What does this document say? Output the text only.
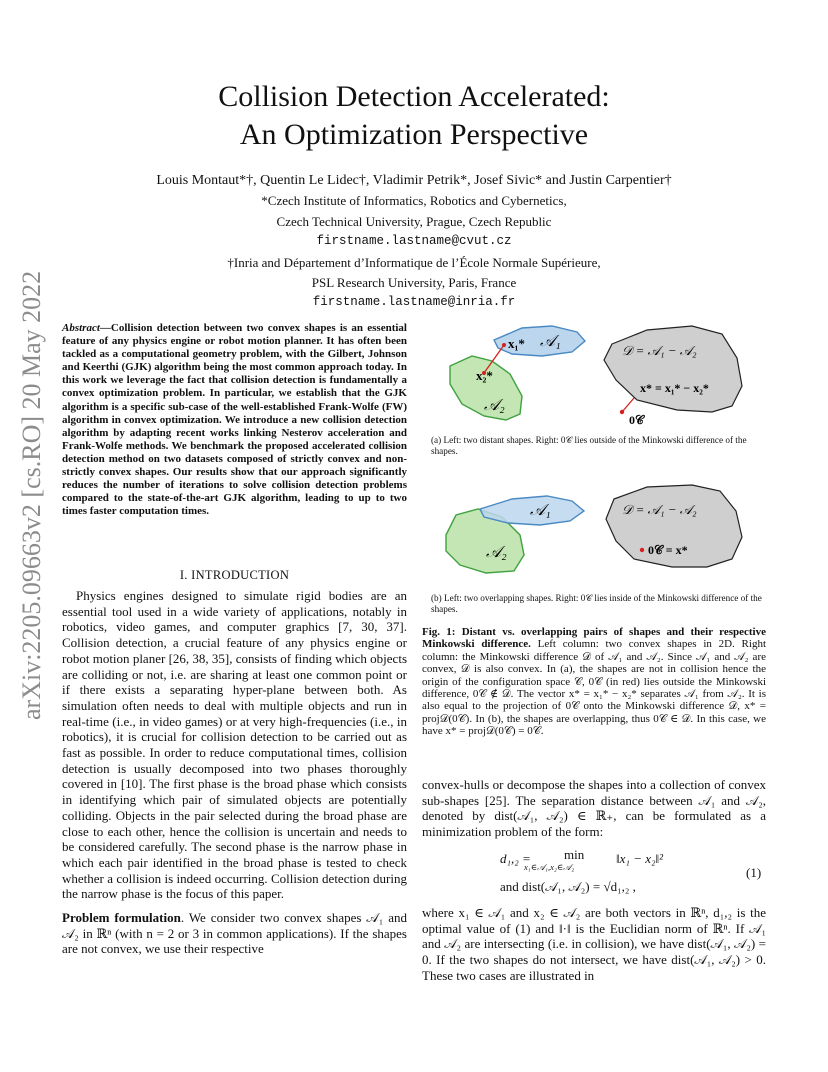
arXiv:2205.09663v2 [cs.RO] 20 May 2022
Collision Detection Accelerated:
An Optimization Perspective
Louis Montaut*†, Quentin Le Lidec†, Vladimir Petrik*, Josef Sivic* and Justin Carpentier†
*Czech Institute of Informatics, Robotics and Cybernetics,
Czech Technical University, Prague, Czech Republic
firstname.lastname@cvut.cz
†Inria and Département d’Informatique de l’École Normale Supérieure,
PSL Research University, Paris, France
firstname.lastname@inria.fr
Abstract—Collision detection between two convex shapes is an essential feature of any physics engine or robot motion planner. It has often been tackled as a computational geometry problem, with the Gilbert, Johnson and Keerthi (GJK) algorithm being the most common approach today. In this work we leverage the fact that collision detection is fundamentally a convex optimization problem. In particular, we establish that the GJK algorithm is a specific sub-case of the well-established Frank-Wolfe (FW) algorithm in convex optimization. We introduce a new collision detection algorithm by adapting recent works linking Nesterov acceleration and Frank-Wolfe methods. We benchmark the proposed accelerated collision detection method on two datasets composed of strictly convex and non-strictly convex shapes. Our results show that our approach significantly reduces the number of iterations to solve collision detection problems compared to the state-of-the-art GJK algorithm, leading to up to two times faster computation times.
I. INTRODUCTION

Physics engines designed to simulate rigid bodies are an essential tool used in a wide variety of applications, notably in robotics, video games, and computer graphics [7, 30, 37]. Collision detection, a crucial feature of any physics engine or robot motion planer [26, 38, 35], consists of finding which objects are colliding or not, i.e. are sharing at least one common point or if there exists a separating hyper-plane between both. As simulation often needs to deal with multiple objects and run in real-time (i.e., in video games) or at very high-frequencies (i.e., in robotics), it is crucial for collision detection to be carried out as fast as possible. In order to reduce computational times, collision detection is usually decomposed into two phases thoroughly covered in [10]. The first phase is the broad phase which consists in identifying which pair of simulated objects are potentially colliding. Objects in the pair selected during the broad phase are close to each other, hence the collision is uncertain and needs to be considered carefully. The second phase is the narrow phase in which each pair identified in the broad phase is tested to check whether a collision is indeed occurring. Collision detection during the narrow phase is the focus of this paper.

Problem formulation. We consider two convex shapes 𝒜₁ and 𝒜₂ in ℝⁿ (with n = 2 or 3 in common applications). If the shapes are not convex, we use their respective

x₁* 𝒜₁
x₂*
𝒜₂
𝒟 = 𝒜₁ − 𝒜₂
x* = x₁* − x₂*
0𝒞
(a) Left: two distant shapes. Right: 0𝒞 lies outside of the Minkowski difference of the shapes.
𝒜₁
𝒜₂
𝒟 = 𝒜₁ − 𝒜₂
0𝒞 = x*
(b) Left: two overlapping shapes. Right: 0𝒞 lies inside of the Minkowski difference of the shapes.
Fig. 1: Distant vs. overlapping pairs of shapes and their respective Minkowski difference. Left column: two convex shapes in 2D. Right column: the Minkowski difference 𝒟 of 𝒜₁ and 𝒜₂. Since 𝒜₁ and 𝒜₂ are convex, 𝒟 is also convex. In (a), the shapes are not in collision hence the origin of the configuration space 𝒞, 0𝒞 (in red) lies outside the Minkowski difference, 0𝒞 ∉ 𝒟. The vector x* = x₁* − x₂* separates 𝒜₁ from 𝒜₂. It is also equal to the projection of 0𝒞 onto the Minkowski difference 𝒟, x* = proj𝒟(0𝒞). In (b), the shapes are overlapping, thus 0𝒞 ∈ 𝒟. In this case, we have x* = proj𝒟(0𝒞) = 0𝒞.

convex-hulls or decompose the shapes into a collection of convex sub-shapes [25]. The separation distance between 𝒜₁ and 𝒜₂, denoted by dist(𝒜₁, 𝒜₂) ∈ ℝ₊, can be formulated as a minimization problem of the form:

d₁,₂ =	min
x₁∈𝒜₁,x₂∈𝒜₂
‖x₁ − x₂‖²
and dist(𝒜₁, 𝒜₂) = √d₁,₂ ,
(1)

where x₁ ∈ 𝒜₁ and x₂ ∈ 𝒜₂ are both vectors in ℝⁿ, d₁,₂ is the optimal value of (1) and ‖·‖ is the Euclidian norm of ℝⁿ. If 𝒜₁ and 𝒜₂ are intersecting (i.e. in collision), we have dist(𝒜₁, 𝒜₂) = 0. If the two shapes do not intersect, we have dist(𝒜₁, 𝒜₂) > 0. These two cases are illustrated in
